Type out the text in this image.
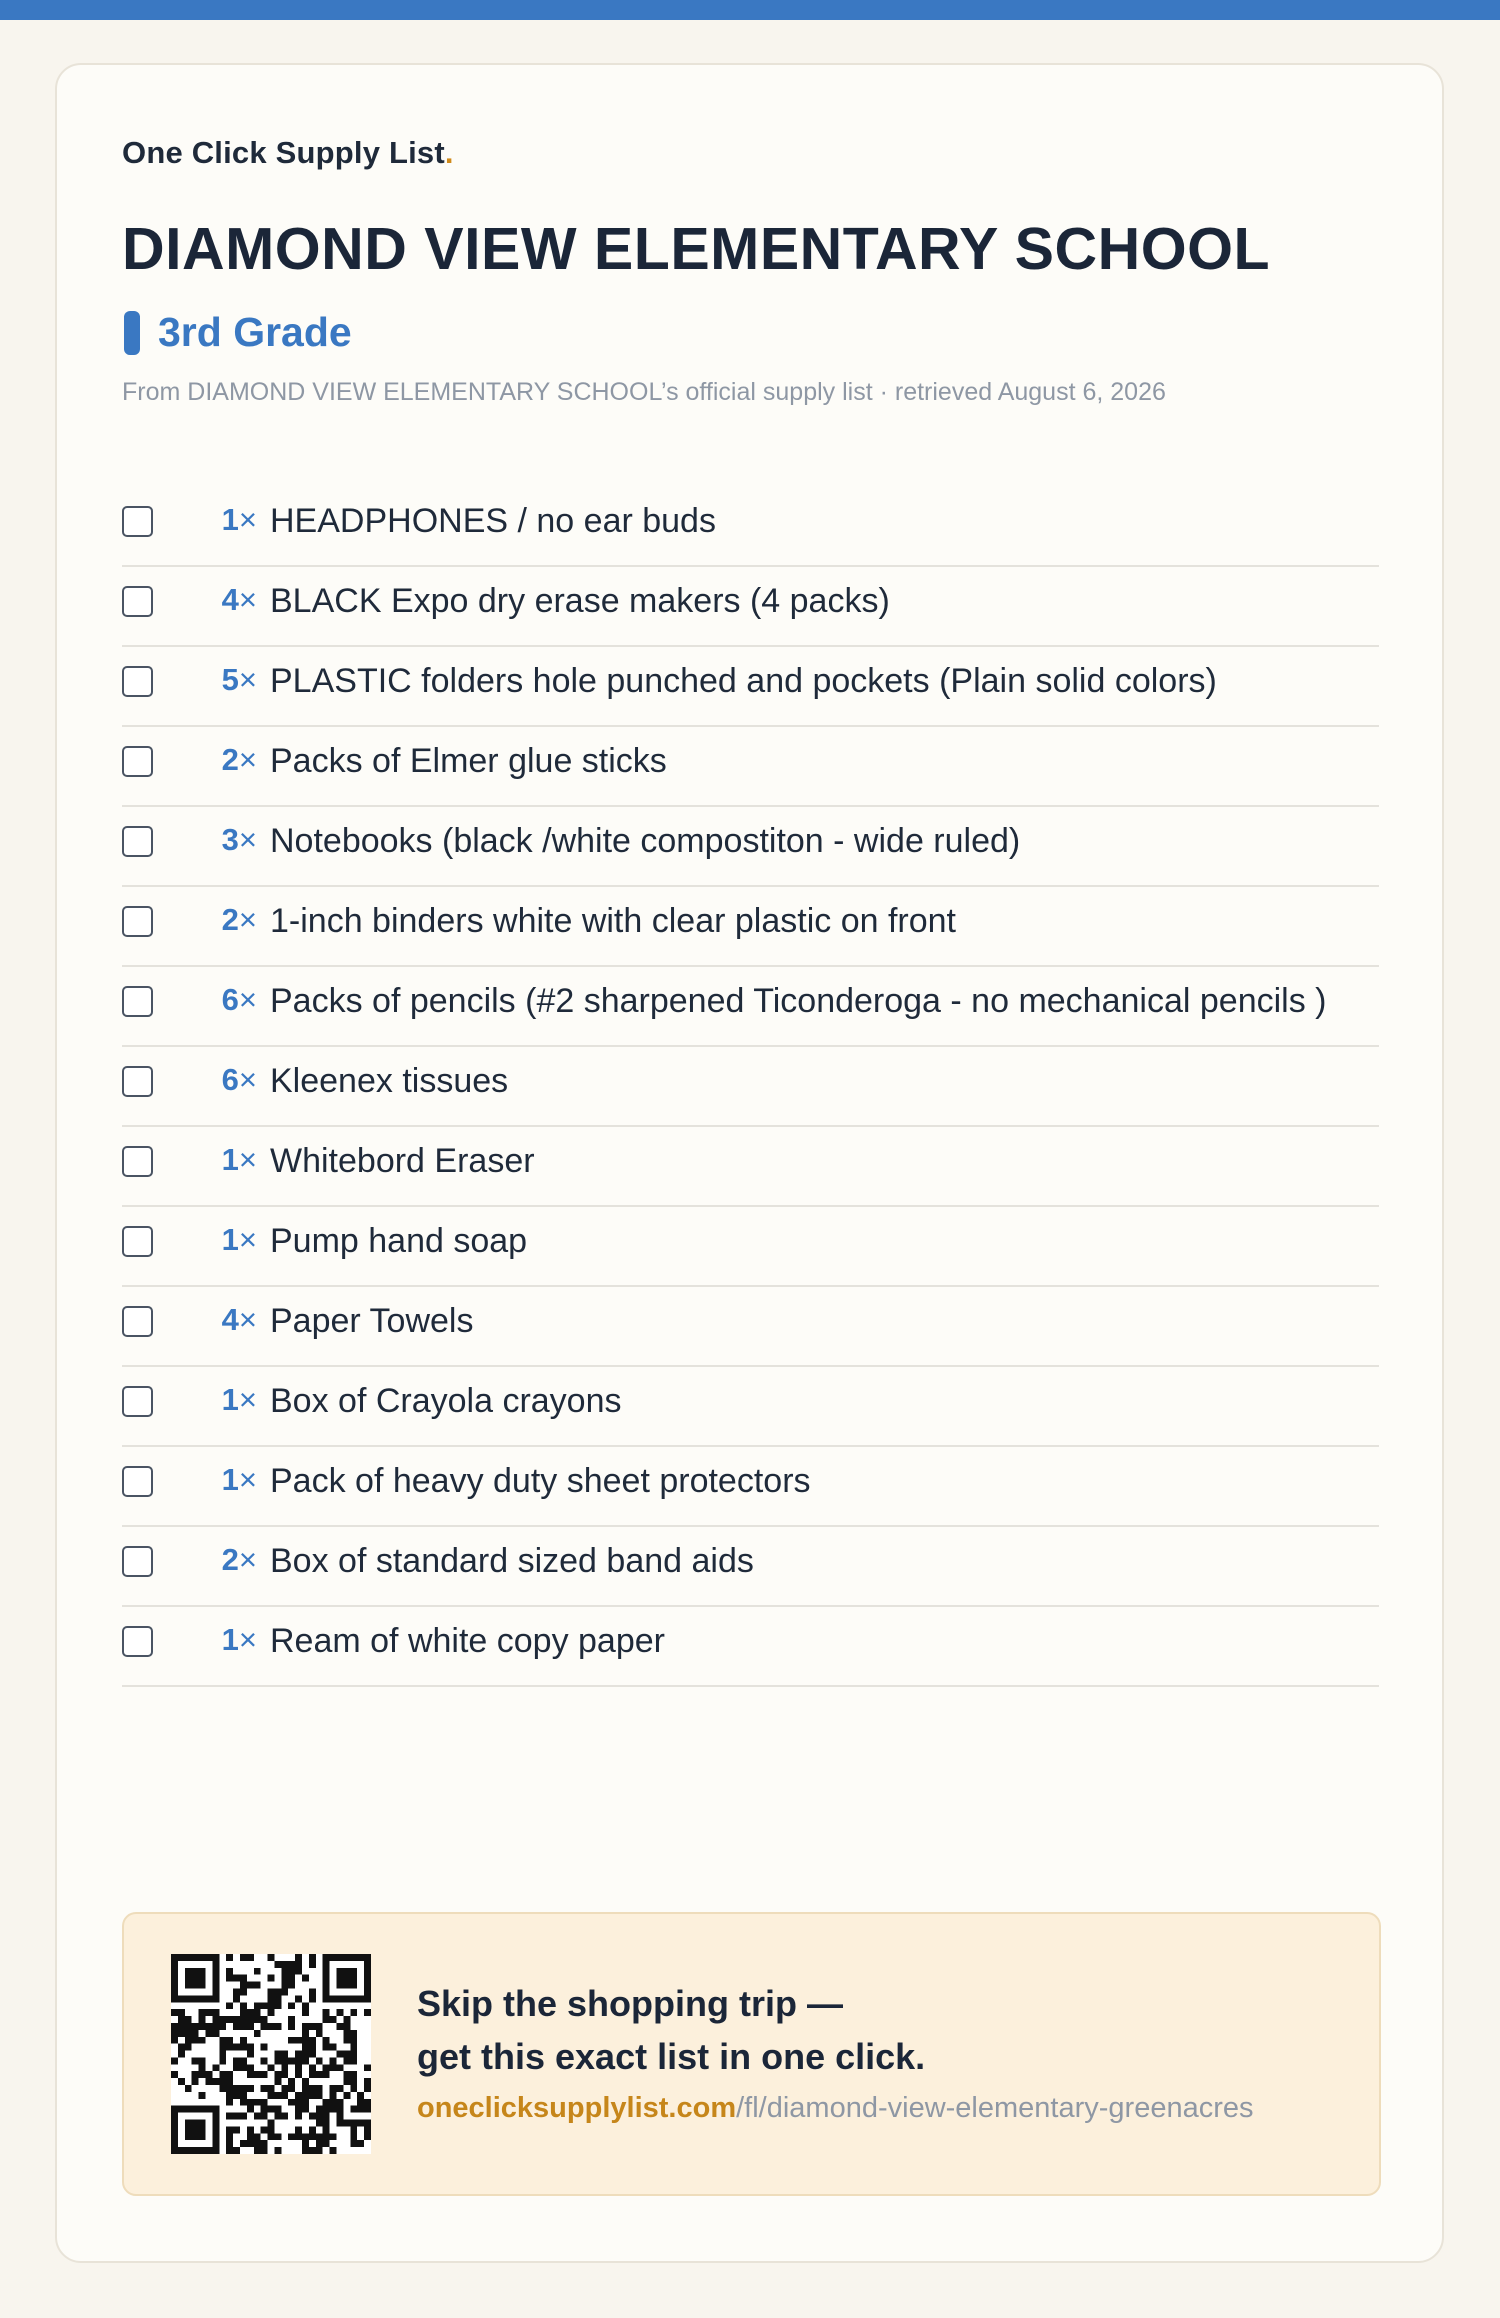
One Click Supply List.
DIAMOND VIEW ELEMENTARY SCHOOL
3rd Grade
From DIAMOND VIEW ELEMENTARY SCHOOL’s official supply list · retrieved August 6, 2026
1× HEADPHONES / no ear buds
4× BLACK Expo dry erase makers (4 packs)
5× PLASTIC folders hole punched and pockets (Plain solid colors)
2× Packs of Elmer glue sticks
3× Notebooks (black /white compostiton - wide ruled)
2× 1-inch binders white with clear plastic on front
6× Packs of pencils (#2 sharpened Ticonderoga - no mechanical pencils )
6× Kleenex tissues
1× Whitebord Eraser
1× Pump hand soap
4× Paper Towels
1× Box of Crayola crayons
1× Pack of heavy duty sheet protectors
2× Box of standard sized band aids
1× Ream of white copy paper
Skip the shopping trip —
get this exact list in one click.
oneclicksupplylist.com/fl/diamond-view-elementary-greenacres
